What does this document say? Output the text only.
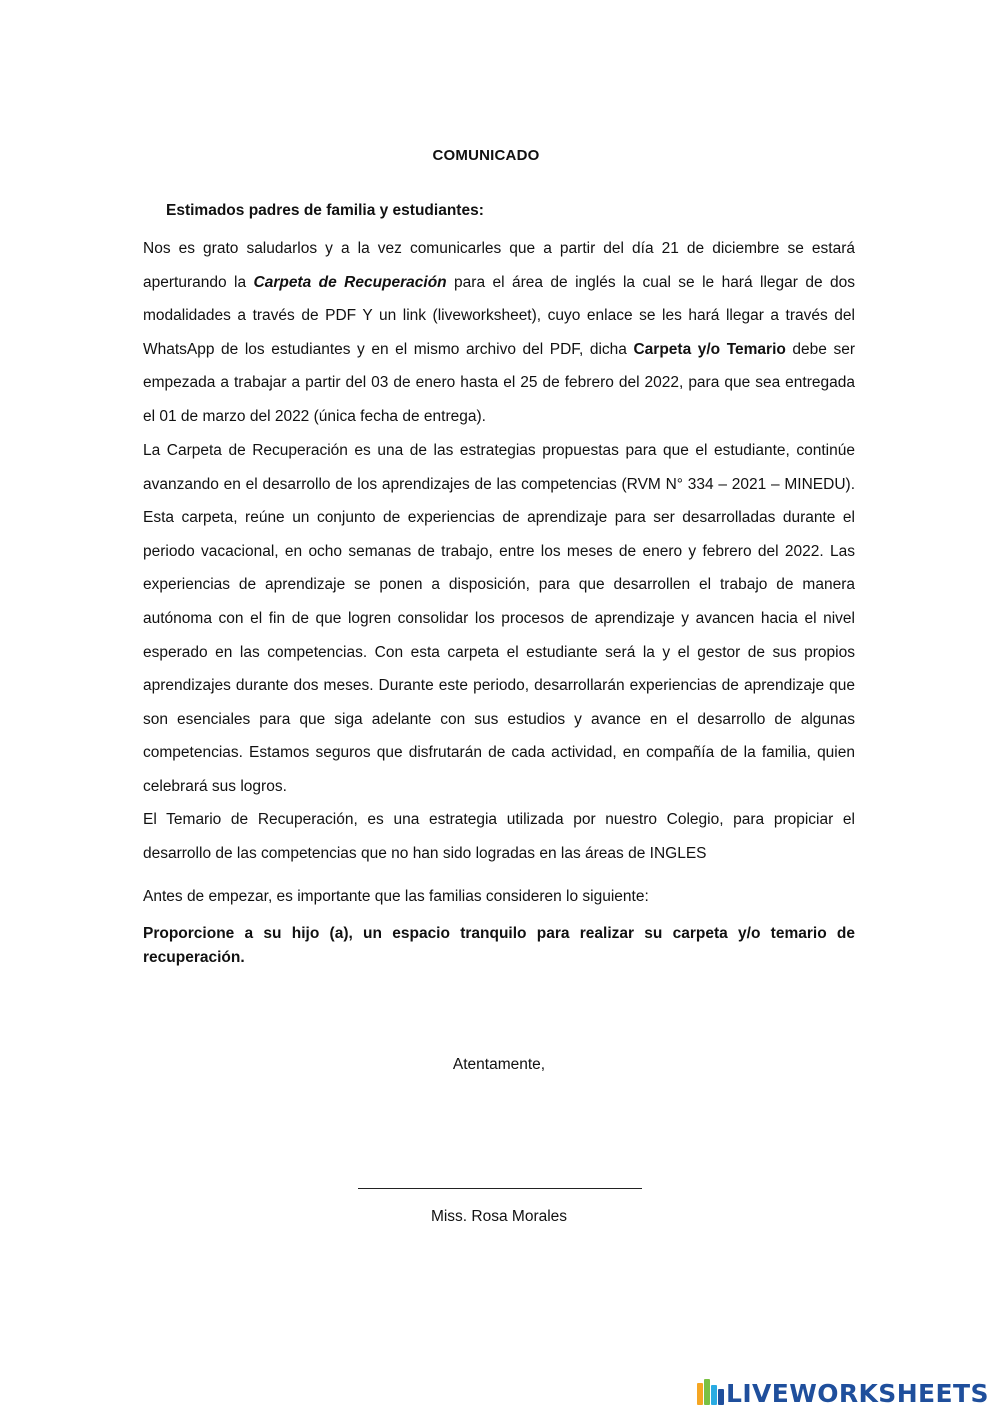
COMUNICADO
Estimados padres de familia y estudiantes:

Nos es grato saludarlos y a la vez comunicarles que a partir del día 21 de diciembre se estará aperturando la Carpeta de Recuperación para el área de inglés la cual se le hará llegar de dos modalidades a través de PDF Y un link (liveworksheet), cuyo enlace se les hará llegar a través del WhatsApp de los estudiantes y en el mismo archivo del PDF, dicha Carpeta y/o Temario debe ser empezada a trabajar a partir del 03 de enero hasta el 25 de febrero del 2022, para que sea entregada el 01 de marzo del 2022 (única fecha de entrega).

La Carpeta de Recuperación es una de las estrategias propuestas para que el estudiante, continúe avanzando en el desarrollo de los aprendizajes de las competencias (RVM N° 334 – 2021 – MINEDU). Esta carpeta, reúne un conjunto de experiencias de aprendizaje para ser desarrolladas durante el periodo vacacional, en ocho semanas de trabajo, entre los meses de enero y febrero del 2022. Las experiencias de aprendizaje se ponen a disposición, para que desarrollen el trabajo de manera autónoma con el fin de que logren consolidar los procesos de aprendizaje y avancen hacia el nivel esperado en las competencias. Con esta carpeta el estudiante será la y el gestor de sus propios aprendizajes durante dos meses. Durante este periodo, desarrollarán experiencias de aprendizaje que son esenciales para que siga adelante con sus estudios y avance en el desarrollo de algunas competencias. Estamos seguros que disfrutarán de cada actividad, en compañía de la familia, quien celebrará sus logros.

El Temario de Recuperación, es una estrategia utilizada por nuestro Colegio, para propiciar el desarrollo de las competencias que no han sido logradas en las áreas de INGLES

Antes de empezar, es importante que las familias consideren lo siguiente:

Proporcione a su hijo (a), un espacio tranquilo para realizar su carpeta y/o temario de recuperación.

Atentamente,
Miss. Rosa Morales
LIVEWORKSHEETS
